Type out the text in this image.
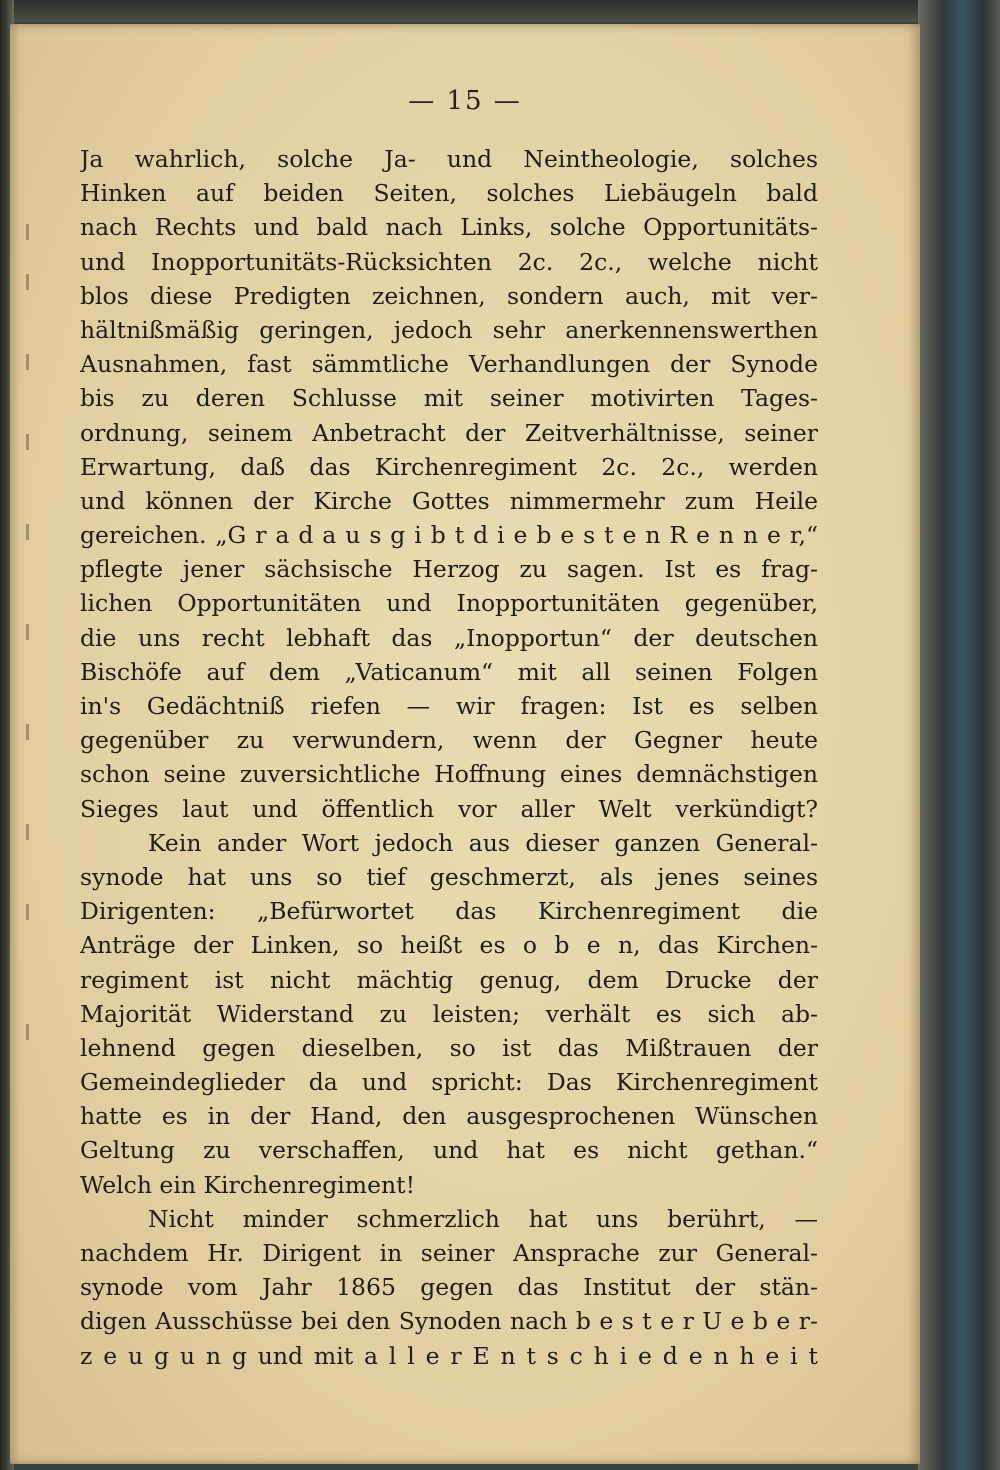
— 15 —
Ja wahrlich, solche Ja- und Neintheologie, solches
Hinken auf beiden Seiten, solches Liebäugeln bald
nach Rechts und bald nach Links, solche Opportunitäts-
und Inopportunitäts-Rücksichten 2c. 2c., welche nicht
blos diese Predigten zeichnen, sondern auch, mit ver-
hältnißmäßig geringen, jedoch sehr anerkennenswerthen
Ausnahmen, fast sämmtliche Verhandlungen der Synode
bis zu deren Schlusse mit seiner motivirten Tages-
ordnung, seinem Anbetracht der Zeitverhältnisse, seiner
Erwartung, daß das Kirchenregiment 2c. 2c., werden
und können der Kirche Gottes nimmermehr zum Heile
gereichen. „G r a d a u s g i b t d i e b e s t e n R e n n e r,“
pflegte jener sächsische Herzog zu sagen. Ist es frag-
lichen Opportunitäten und Inopportunitäten gegenüber,
die uns recht lebhaft das „Inopportun“ der deutschen
Bischöfe auf dem „Vaticanum“ mit all seinen Folgen
in's Gedächtniß riefen — wir fragen: Ist es selben
gegenüber zu verwundern, wenn der Gegner heute
schon seine zuversichtliche Hoffnung eines demnächstigen
Sieges laut und öffentlich vor aller Welt verkündigt?
Kein ander Wort jedoch aus dieser ganzen General-
synode hat uns so tief geschmerzt, als jenes seines
Dirigenten: „Befürwortet das Kirchenregiment die
Anträge der Linken, so heißt es o b e n, das Kirchen-
regiment ist nicht mächtig genug, dem Drucke der
Majorität Widerstand zu leisten; verhält es sich ab-
lehnend gegen dieselben, so ist das Mißtrauen der
Gemeindeglieder da und spricht: Das Kirchenregiment
hatte es in der Hand, den ausgesprochenen Wünschen
Geltung zu verschaffen, und hat es nicht gethan.“
Welch ein Kirchenregiment!
Nicht minder schmerzlich hat uns berührt, —
nachdem Hr. Dirigent in seiner Ansprache zur General-
synode vom Jahr 1865 gegen das Institut der stän-
digen Ausschüsse bei den Synoden nach b e s t e r U e b e r-
z e u g u n g und mit a l l e r E n t s c h i e d e n h e i t
